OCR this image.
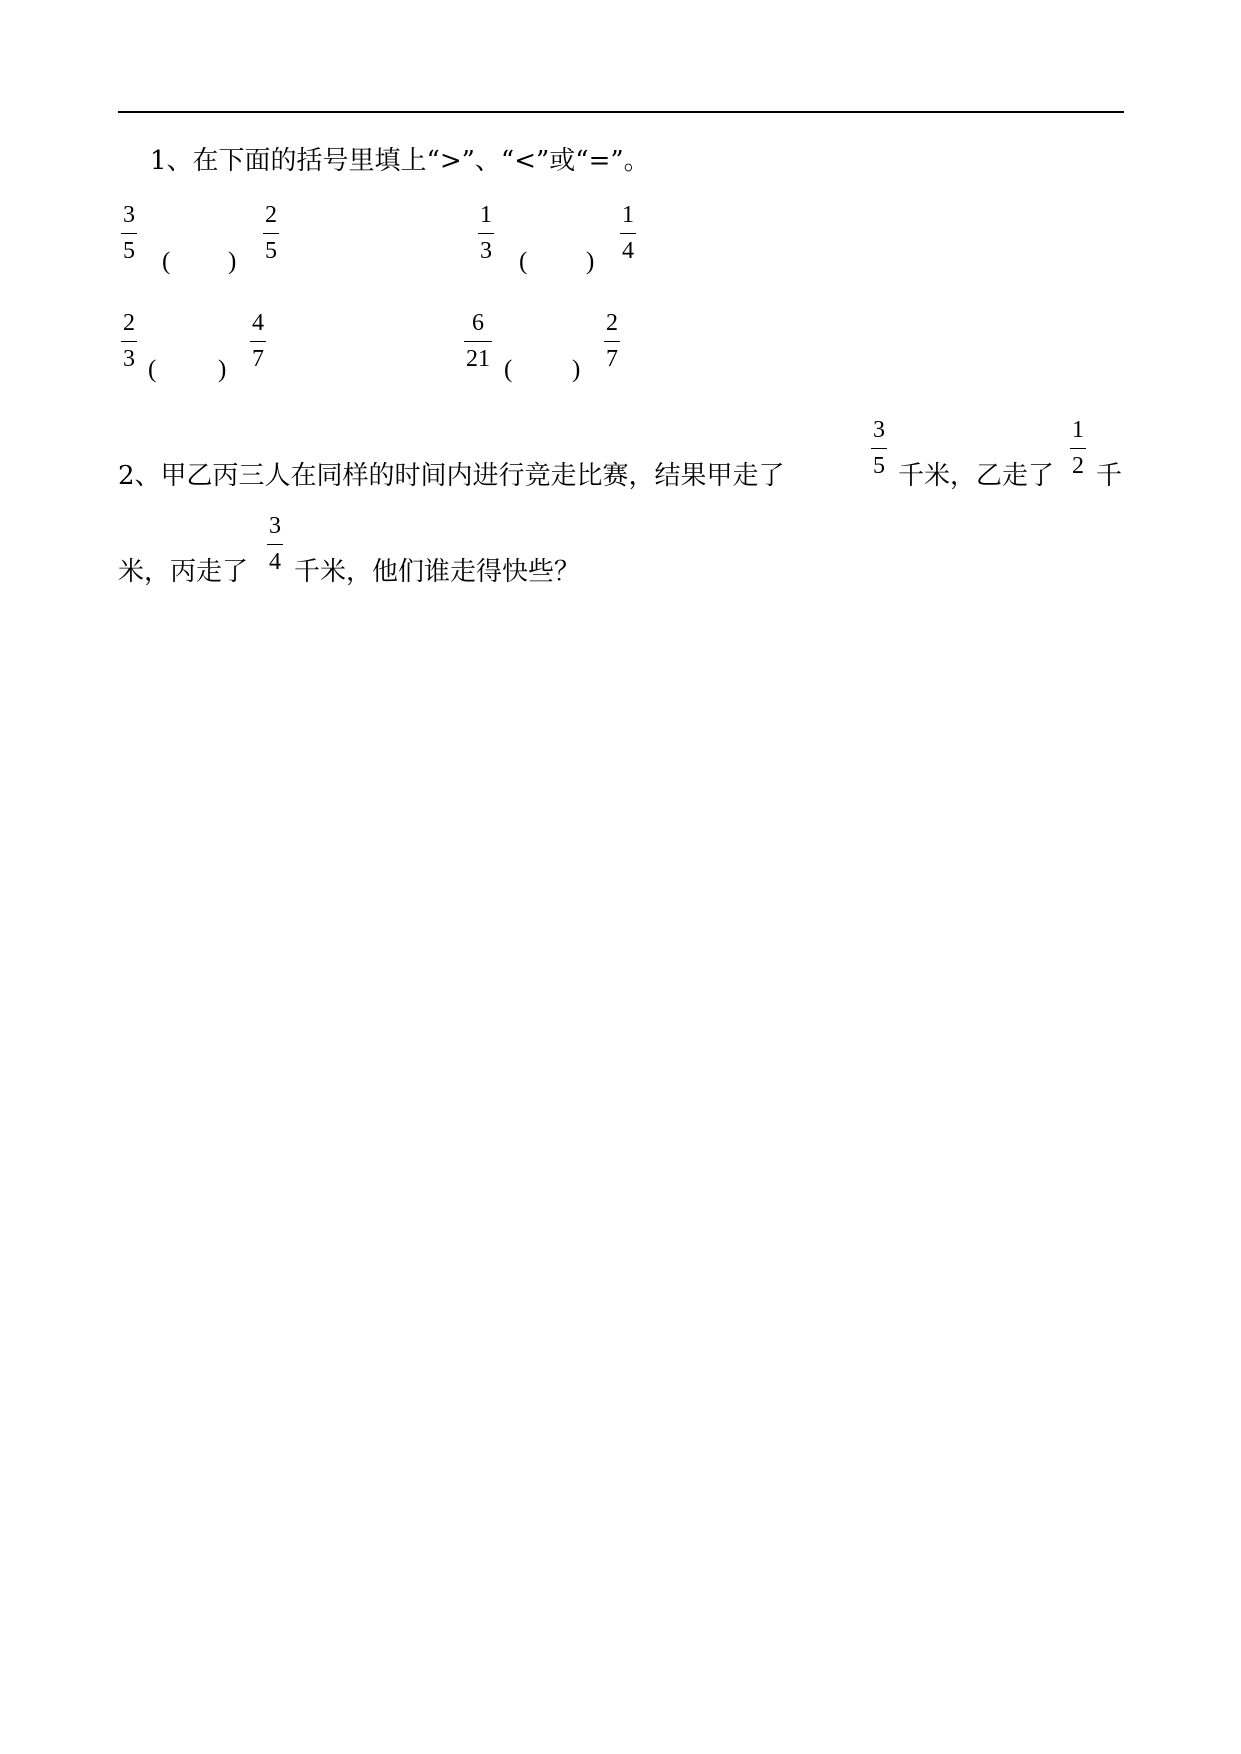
1、在下面的括号里填上“>”、“<”或“=”。
3
5 ( )
2
5
1
3 ( )
1
4
2
3 ( )
4
7
6
21 ( )
2
7
2、甲乙丙三人在同样的时间内进行竞走比赛，结果甲走了
3
5 千米，乙走了
1
2 千
米，丙走了
3
4 千米，他们谁走得快些？
